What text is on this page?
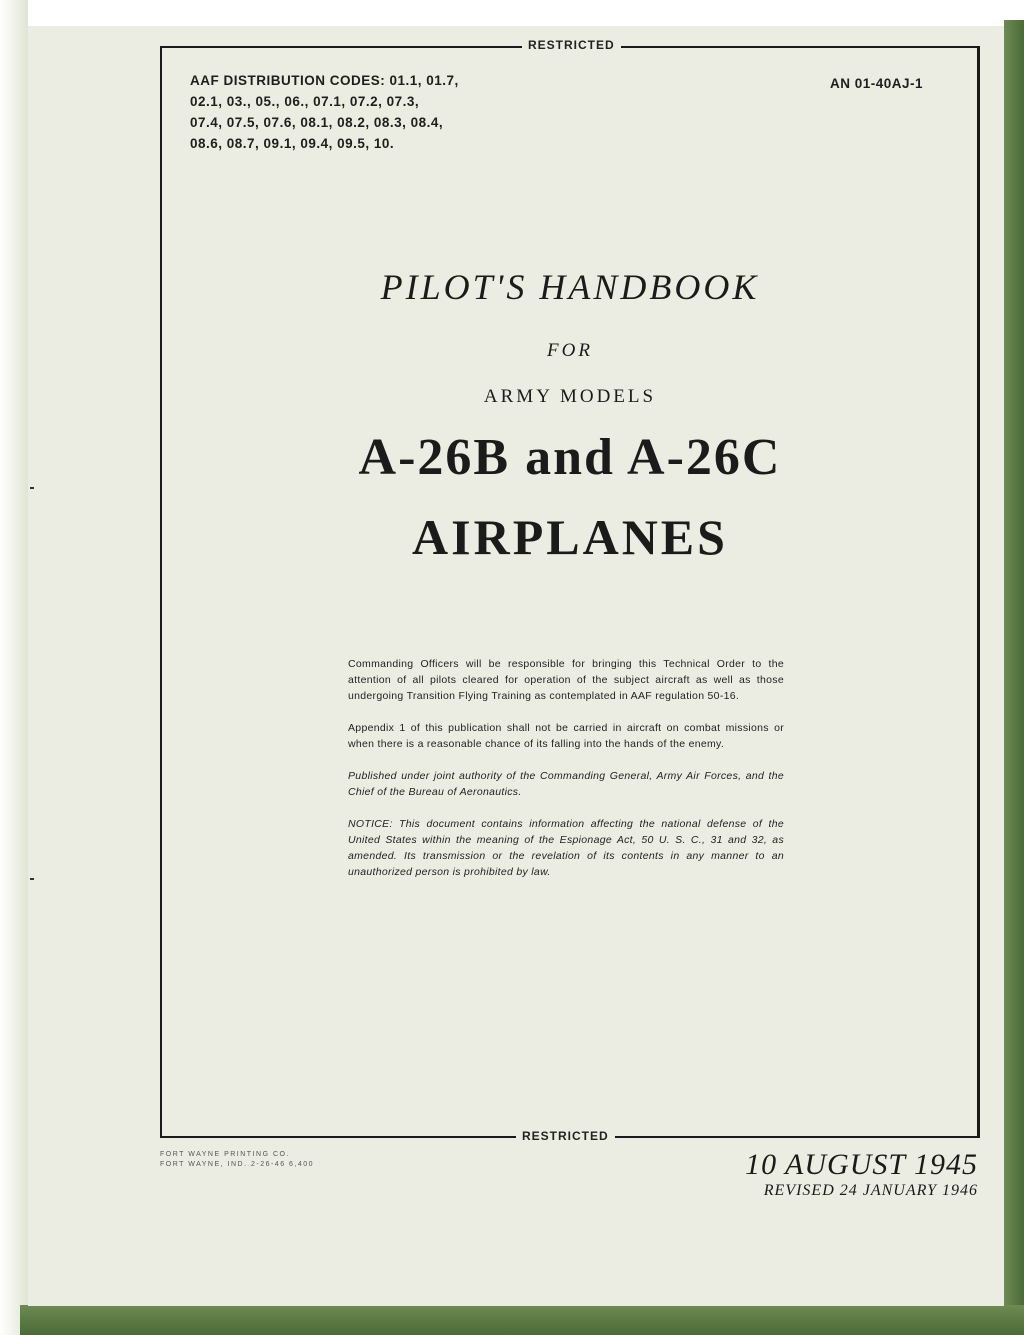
RESTRICTED
RESTRICTED
AAF DISTRIBUTION CODES: 01.1, 01.7,
02.1, 03., 05., 06., 07.1, 07.2, 07.3,
07.4, 07.5, 07.6, 08.1, 08.2, 08.3, 08.4,
08.6, 08.7, 09.1, 09.4, 09.5, 10.
AN 01-40AJ-1
PILOT'S HANDBOOK
FOR
ARMY MODELS
A-26B and A-26C
AIRPLANES

Commanding Officers will be responsible for bringing this Technical Order to the attention of all pilots cleared for operation of the subject aircraft as well as those undergoing Transition Flying Training as contemplated in AAF regulation 50-16.

Appendix 1 of this publication shall not be carried in aircraft on combat missions or when there is a reasonable chance of its falling into the hands of the enemy.

Published under joint authority of the Commanding General, Army Air Forces, and the Chief of the Bureau of Aeronautics.

NOTICE: This document contains information affecting the national defense of the United States within the meaning of the Espionage Act, 50 U. S. C., 31 and 32, as amended. Its transmission or the revelation of its contents in any manner to an unauthorized person is prohibited by law.

FORT WAYNE PRINTING CO.
FORT WAYNE, IND. 2-26-46 6,400	10 AUGUST 1945
REVISED 24 JANUARY 1946
